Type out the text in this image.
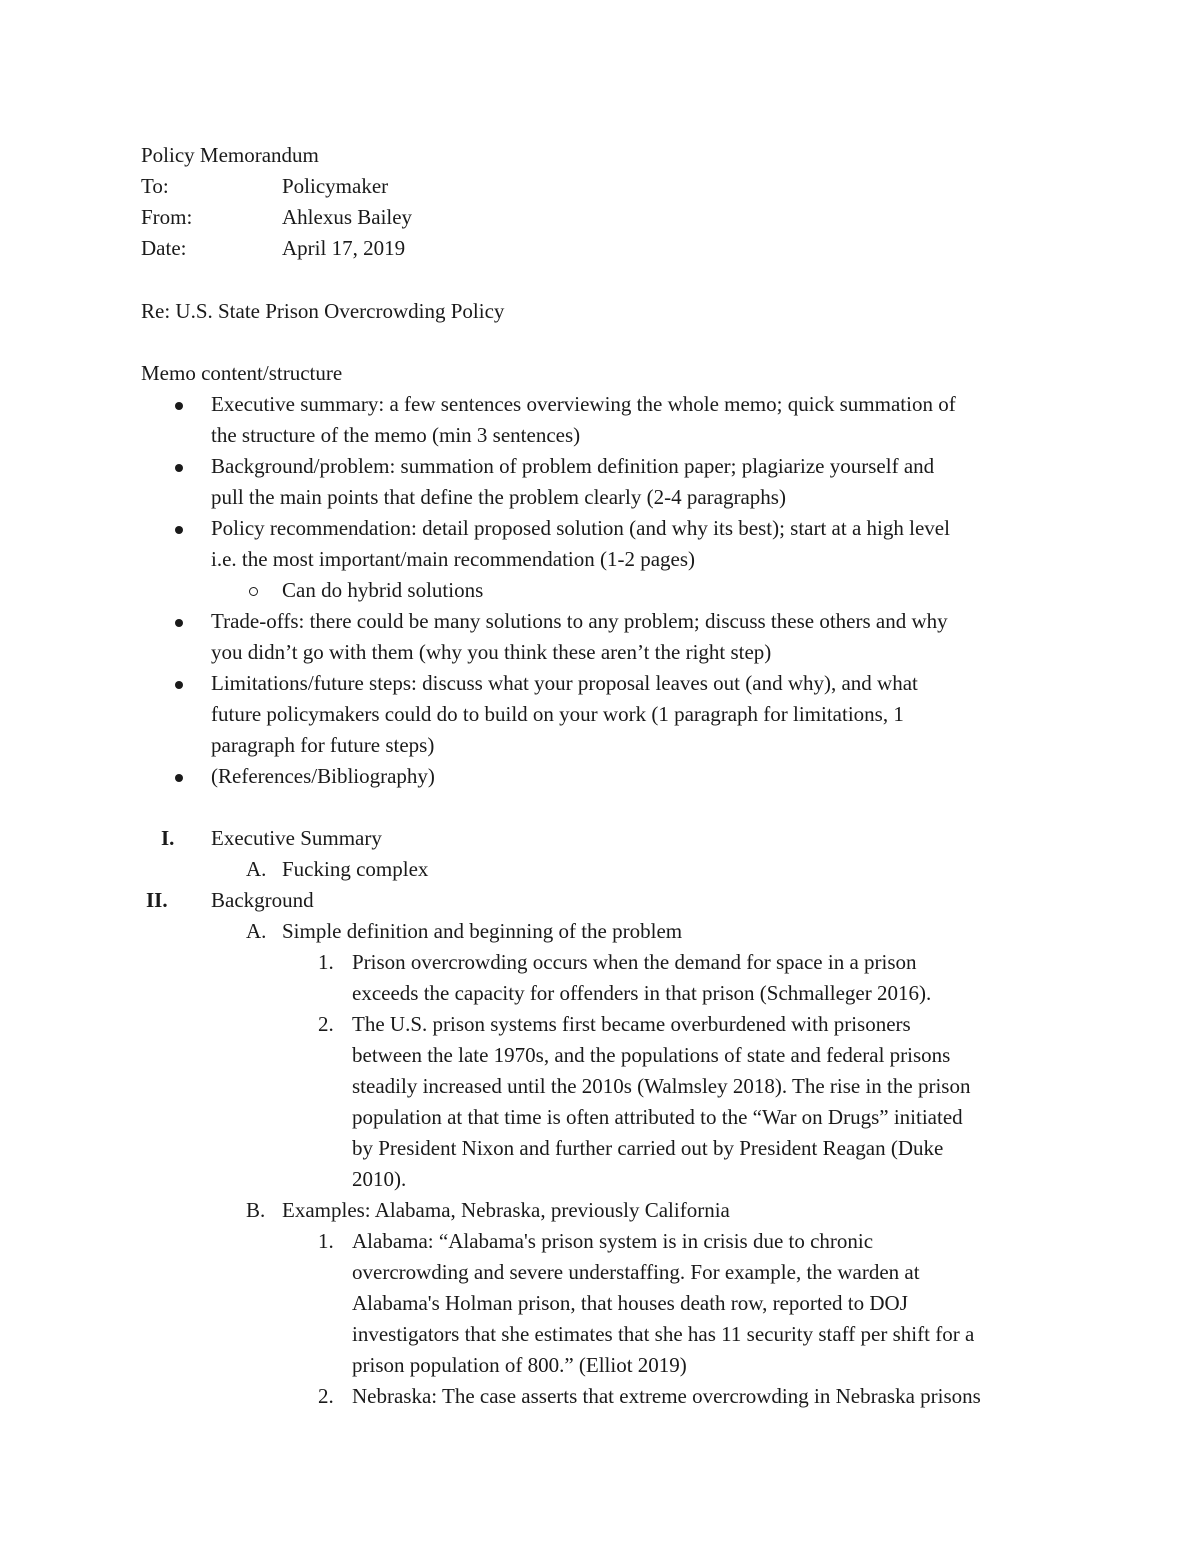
Policy Memorandum
To:	Policymaker
From:	Ahlexus Bailey
Date:	April 17, 2019
Re: U.S. State Prison Overcrowding Policy
Memo content/structure
Executive summary: a few sentences overviewing the whole memo; quick summation of
the structure of the memo (min 3 sentences)
Background/problem: summation of problem definition paper; plagiarize yourself and
pull the main points that define the problem clearly (2-4 paragraphs)
Policy recommendation: detail proposed solution (and why its best); start at a high level
i.e. the most important/main recommendation (1-2 pages)
Can do hybrid solutions
Trade-offs: there could be many solutions to any problem; discuss these others and why
you didn’t go with them (why you think these aren’t the right step)
Limitations/future steps: discuss what your proposal leaves out (and why), and what
future policymakers could do to build on your work (1 paragraph for limitations, 1
paragraph for future steps)
(References/Bibliography)
I. Executive Summary
A. Fucking complex
II. Background
A. Simple definition and beginning of the problem
1. Prison overcrowding occurs when the demand for space in a prison
exceeds the capacity for offenders in that prison (Schmalleger 2016).
2. The U.S. prison systems first became overburdened with prisoners
between the late 1970s, and the populations of state and federal prisons
steadily increased until the 2010s (Walmsley 2018). The rise in the prison
population at that time is often attributed to the “War on Drugs” initiated
by President Nixon and further carried out by President Reagan (Duke
2010).
B. Examples: Alabama, Nebraska, previously California
1. Alabama: “Alabama's prison system is in crisis due to chronic
overcrowding and severe understaffing. For example, the warden at
Alabama's Holman prison, that houses death row, reported to DOJ
investigators that she estimates that she has 11 security staff per shift for a
prison population of 800.” (Elliot 2019)
2. Nebraska: The case asserts that extreme overcrowding in Nebraska prisons
